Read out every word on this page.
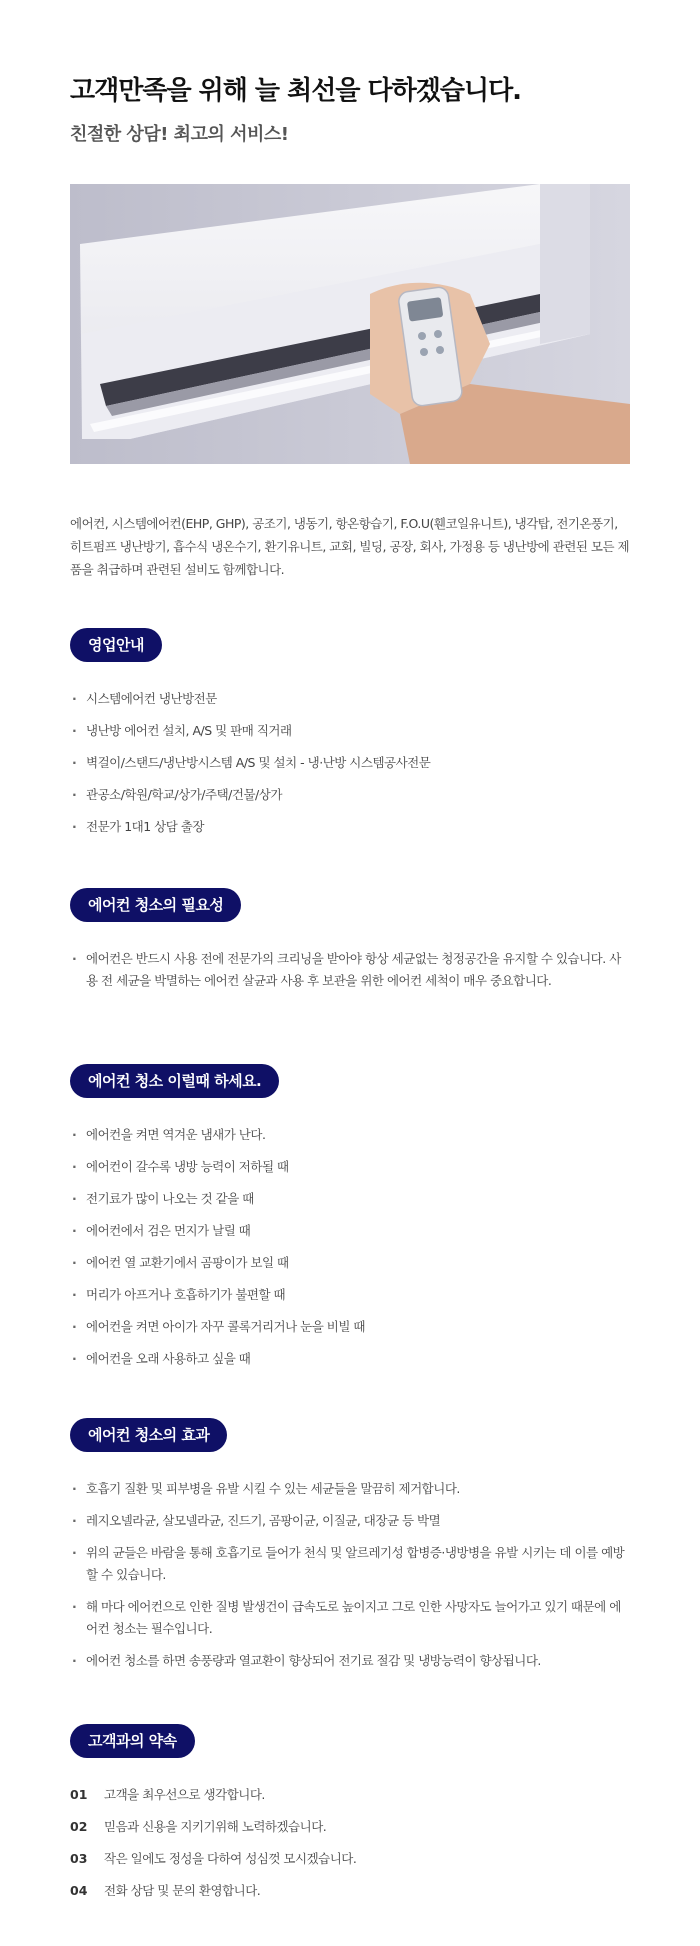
고객만족을 위해 늘 최선을 다하겠습니다.
친절한 상담! 최고의 서비스!

에어컨, 시스템에어컨(EHP, GHP), 공조기, 냉동기, 항온항습기, F.O.U(휀코일유니트), 냉각탑, 전기온풍기, 히트펌프 냉난방기, 흡수식 냉온수기, 환기유니트, 교회, 빌딩, 공장, 회사, 가정용 등 냉난방에 관련된 모든 제품을 취급하며 관련된 설비도 함께합니다.

영업안내
· 시스템에어컨 냉난방전문
· 냉난방 에어컨 설치, A/S 및 판매 직거래
· 벽걸이/스탠드/냉난방시스템 A/S 및 설치 - 냉·난방 시스템공사전문
· 관공소/학원/학교/상가/주택/건물/상가
· 전문가 1대1 상담 출장
에어컨 청소의 필요성
· 에어컨은 반드시 사용 전에 전문가의 크리닝을 받아야 항상 세균없는 청정공간을 유지할 수 있습니다. 사용 전 세균을 박멸하는 에어컨 살균과 사용 후 보관을 위한 에어컨 세척이 매우 중요합니다.
에어컨 청소 이럴때 하세요.
· 에어컨을 켜면 역겨운 냄새가 난다.
· 에어컨이 갈수록 냉방 능력이 저하될 때
· 전기료가 많이 나오는 것 같을 때
· 에어컨에서 검은 먼지가 날릴 때
· 에어컨 열 교환기에서 곰팡이가 보일 때
· 머리가 아프거나 호흡하기가 불편할 때
· 에어컨을 켜면 아이가 자꾸 콜록거리거나 눈을 비빌 때
· 에어컨을 오래 사용하고 싶을 때
에어컨 청소의 효과
· 호흡기 질환 및 피부병을 유발 시킬 수 있는 세균들을 말끔히 제거합니다.
· 레지오넬라균, 살모넬라균, 진드기, 곰팡이균, 이질균, 대장균 등 박멸
· 위의 균들은 바람을 통해 호흡기로 들어가 천식 및 알르레기성 합병증·냉방병을 유발 시키는 데 이를 예방할 수 있습니다.
· 해 마다 에어컨으로 인한 질병 발생건이 급속도로 높이지고 그로 인한 사망자도 늘어가고 있기 때문에 에어컨 청소는 필수입니다.
· 에어컨 청소를 하면 송풍량과 열교환이 향상되어 전기료 절감 및 냉방능력이 향상됩니다.
고객과의 약속
01 고객을 최우선으로 생각합니다.
02 믿음과 신용을 지키기위해 노력하겠습니다.
03 작은 일에도 정성을 다하여 성심껏 모시겠습니다.
04 전화 상담 및 문의 환영합니다.
